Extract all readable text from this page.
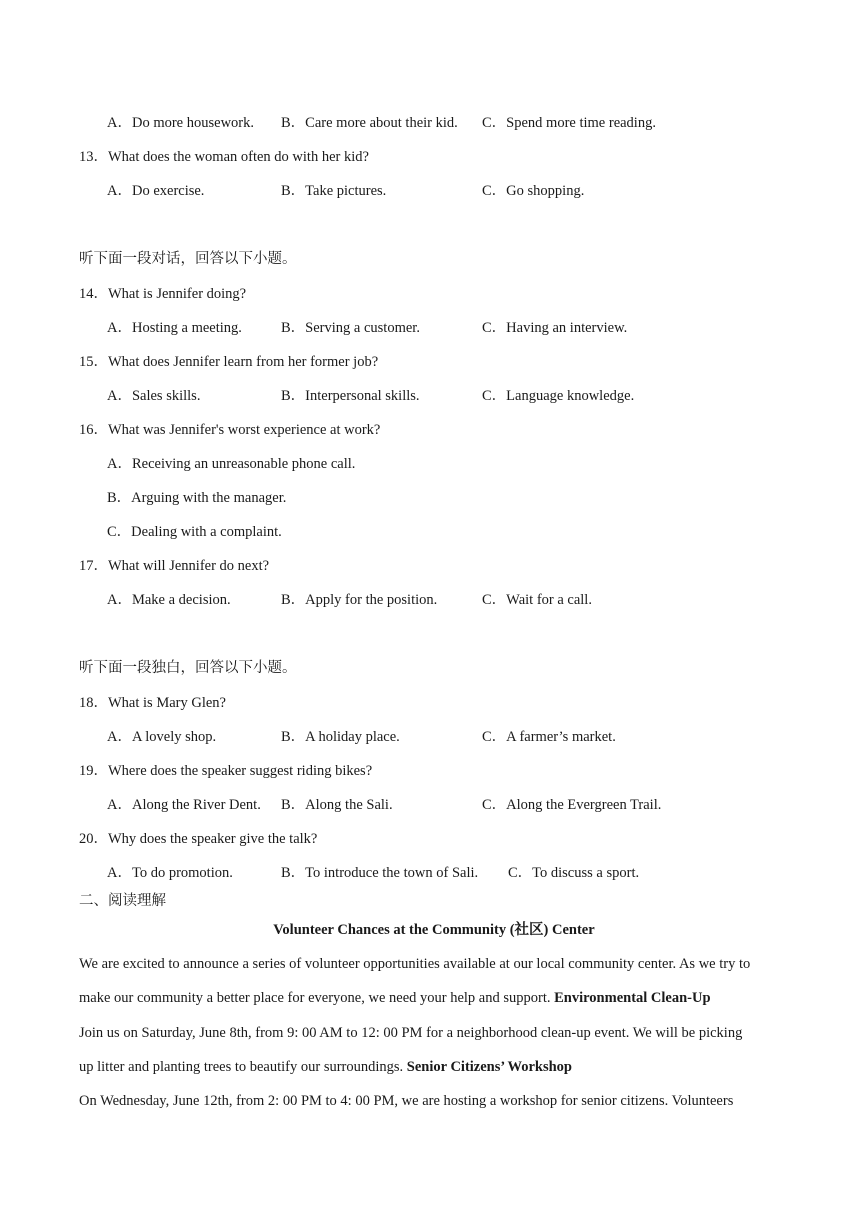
A．Do more housework. B．Care more about their kid. C．Spend more time reading.
13．What does the woman often do with her kid?
A．Do exercise.	B．Take pictures.	C．Go shopping.
听下面一段对话，回答以下小题。
14．What is Jennifer doing?
A．Hosting a meeting.	B．Serving a customer.	C．Having an interview.
15．What does Jennifer learn from her former job?
A．Sales skills.	B．Interpersonal skills.	C．Language knowledge.
16．What was Jennifer's worst experience at work?
A．Receiving an unreasonable phone call.
B．Arguing with the manager.
C．Dealing with a complaint.
17．What will Jennifer do next?
A．Make a decision.	B．Apply for the position.	C．Wait for a call.
听下面一段独白，回答以下小题。
18．What is Mary Glen?
A．A lovely shop.	B．A holiday place.	C．A farmer’s market.
19．Where does the speaker suggest riding bikes?
A．Along the River Dent. B．Along the Sali.	C．Along the Evergreen Trail.
20．Why does the speaker give the talk?
A．To do promotion.	B．To introduce the town of Sali. C．To discuss a sport.
二、阅读理解
Volunteer Chances at the Community (社区) Center
We are excited to announce a series of volunteer opportunities available at our local community center. As we try to
make our community a better place for everyone, we need your help and support. Environmental Clean-Up
Join us on Saturday, June 8th, from 9: 00 AM to 12: 00 PM for a neighborhood clean-up event. We will be picking
up litter and planting trees to beautify our surroundings. Senior Citizens’ Workshop
On Wednesday, June 12th, from 2: 00 PM to 4: 00 PM, we are hosting a workshop for senior citizens. Volunteers
